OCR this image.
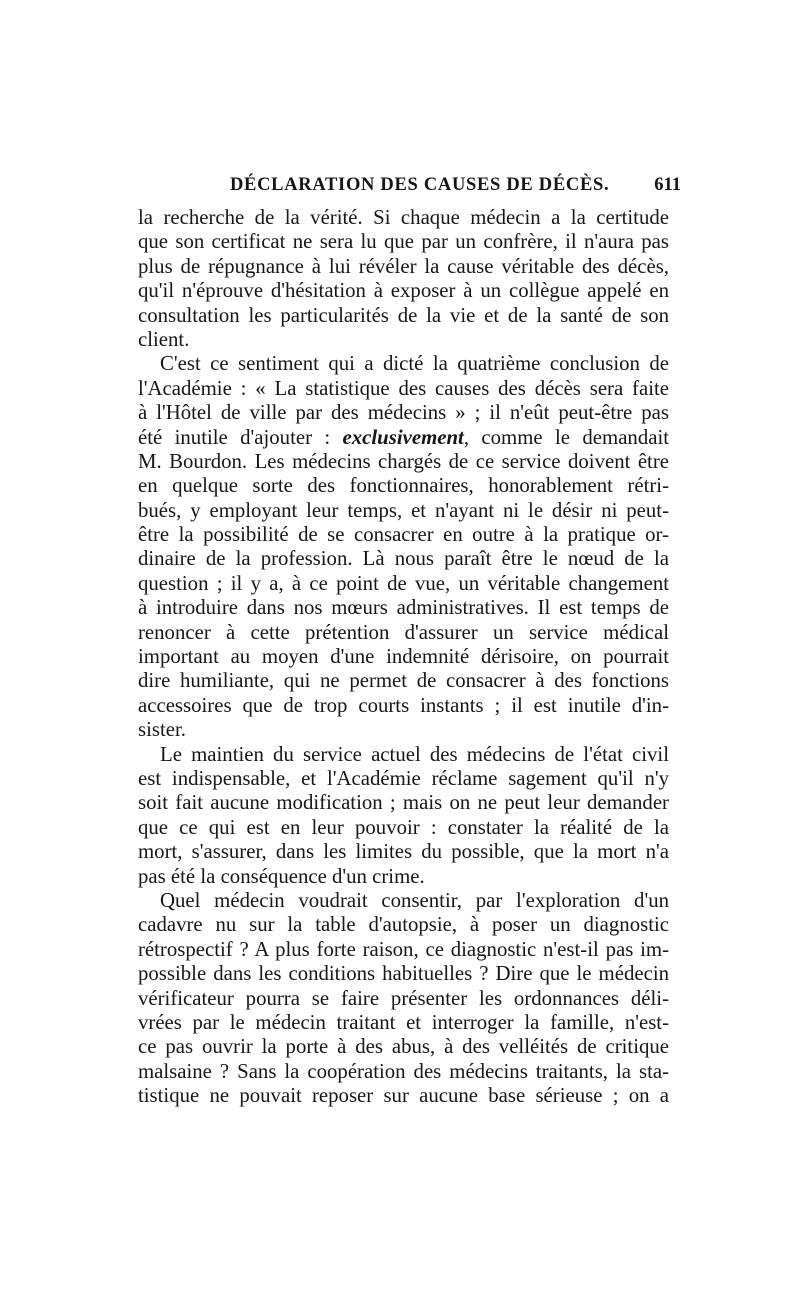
DÉCLARATION DES CAUSES DE DÉCÈS. 611
la recherche de la vérité. Si chaque médecin a la certitude
que son certificat ne sera lu que par un confrère, il n'aura pas
plus de répugnance à lui révéler la cause véritable des décès,
qu'il n'éprouve d'hésitation à exposer à un collègue appelé en
consultation les particularités de la vie et de la santé de son
client.
C'est ce sentiment qui a dicté la quatrième conclusion de
l'Académie : « La statistique des causes des décès sera faite
à l'Hôtel de ville par des médecins » ; il n'eût peut-être pas
été inutile d'ajouter : exclusivement, comme le demandait
M. Bourdon. Les médecins chargés de ce service doivent être
en quelque sorte des fonctionnaires, honorablement rétri-
bués, y employant leur temps, et n'ayant ni le désir ni peut-
être la possibilité de se consacrer en outre à la pratique or-
dinaire de la profession. Là nous paraît être le nœud de la
question ; il y a, à ce point de vue, un véritable changement
à introduire dans nos mœurs administratives. Il est temps de
renoncer à cette prétention d'assurer un service médical
important au moyen d'une indemnité dérisoire, on pourrait
dire humiliante, qui ne permet de consacrer à des fonctions
accessoires que de trop courts instants ; il est inutile d'in-
sister.
Le maintien du service actuel des médecins de l'état civil
est indispensable, et l'Académie réclame sagement qu'il n'y
soit fait aucune modification ; mais on ne peut leur demander
que ce qui est en leur pouvoir : constater la réalité de la
mort, s'assurer, dans les limites du possible, que la mort n'a
pas été la conséquence d'un crime.
Quel médecin voudrait consentir, par l'exploration d'un
cadavre nu sur la table d'autopsie, à poser un diagnostic
rétrospectif ? A plus forte raison, ce diagnostic n'est-il pas im-
possible dans les conditions habituelles ? Dire que le médecin
vérificateur pourra se faire présenter les ordonnances déli-
vrées par le médecin traitant et interroger la famille, n'est-
ce pas ouvrir la porte à des abus, à des velléités de critique
malsaine ? Sans la coopération des médecins traitants, la sta-
tistique ne pouvait reposer sur aucune base sérieuse ; on a
